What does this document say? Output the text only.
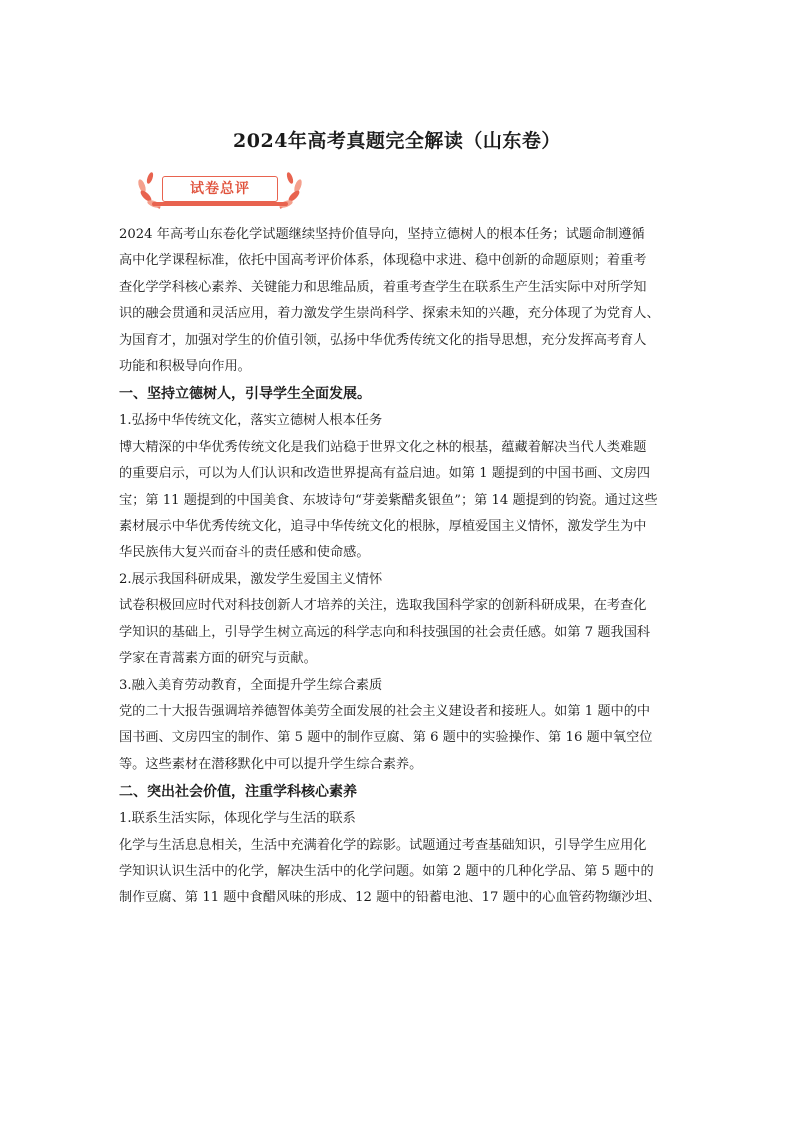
2024年高考真题完全解读（山东卷）
试卷总评

2024 年高考山东卷化学试题继续坚持价值导向，坚持立德树人的根本任务；试题命制遵循

高中化学课程标准，依托中国高考评价体系，体现稳中求进、稳中创新的命题原则；着重考

查化学学科核心素养、关键能力和思维品质，着重考查学生在联系生产生活实际中对所学知

识的融会贯通和灵活应用，着力激发学生崇尚科学、探索未知的兴趣，充分体现了为党育人、

为国育才，加强对学生的价值引领，弘扬中华优秀传统文化的指导思想，充分发挥高考育人

功能和积极导向作用。

一、坚持立德树人，引导学生全面发展。

1.弘扬中华传统文化，落实立德树人根本任务

博大精深的中华优秀传统文化是我们站稳于世界文化之林的根基，蕴藏着解决当代人类难题

的重要启示，可以为人们认识和改造世界提高有益启迪。如第 1 题提到的中国书画、文房四

宝；第 11 题提到的中国美食、东坡诗句“芽姜紫醋炙银鱼”；第 14 题提到的钧瓷。通过这些

素材展示中华优秀传统文化，追寻中华传统文化的根脉，厚植爱国主义情怀，激发学生为中

华民族伟大复兴而奋斗的责任感和使命感。

2.展示我国科研成果，激发学生爱国主义情怀

试卷积极回应时代对科技创新人才培养的关注，选取我国科学家的创新科研成果，在考查化

学知识的基础上，引导学生树立高远的科学志向和科技强国的社会责任感。如第 7 题我国科

学家在青蒿素方面的研究与贡献。

3.融入美育劳动教育，全面提升学生综合素质

党的二十大报告强调培养德智体美劳全面发展的社会主义建设者和接班人。如第 1 题中的中

国书画、文房四宝的制作、第 5 题中的制作豆腐、第 6 题中的实验操作、第 16 题中氧空位

等。这些素材在潜移默化中可以提升学生综合素养。

二、突出社会价值，注重学科核心素养

1.联系生活实际，体现化学与生活的联系

化学与生活息息相关，生活中充满着化学的踪影。试题通过考查基础知识，引导学生应用化

学知识认识生活中的化学，解决生活中的化学问题。如第 2 题中的几种化学品、第 5 题中的

制作豆腐、第 11 题中食醋风味的形成、12 题中的铅蓄电池、17 题中的心血管药物缬沙坦、
